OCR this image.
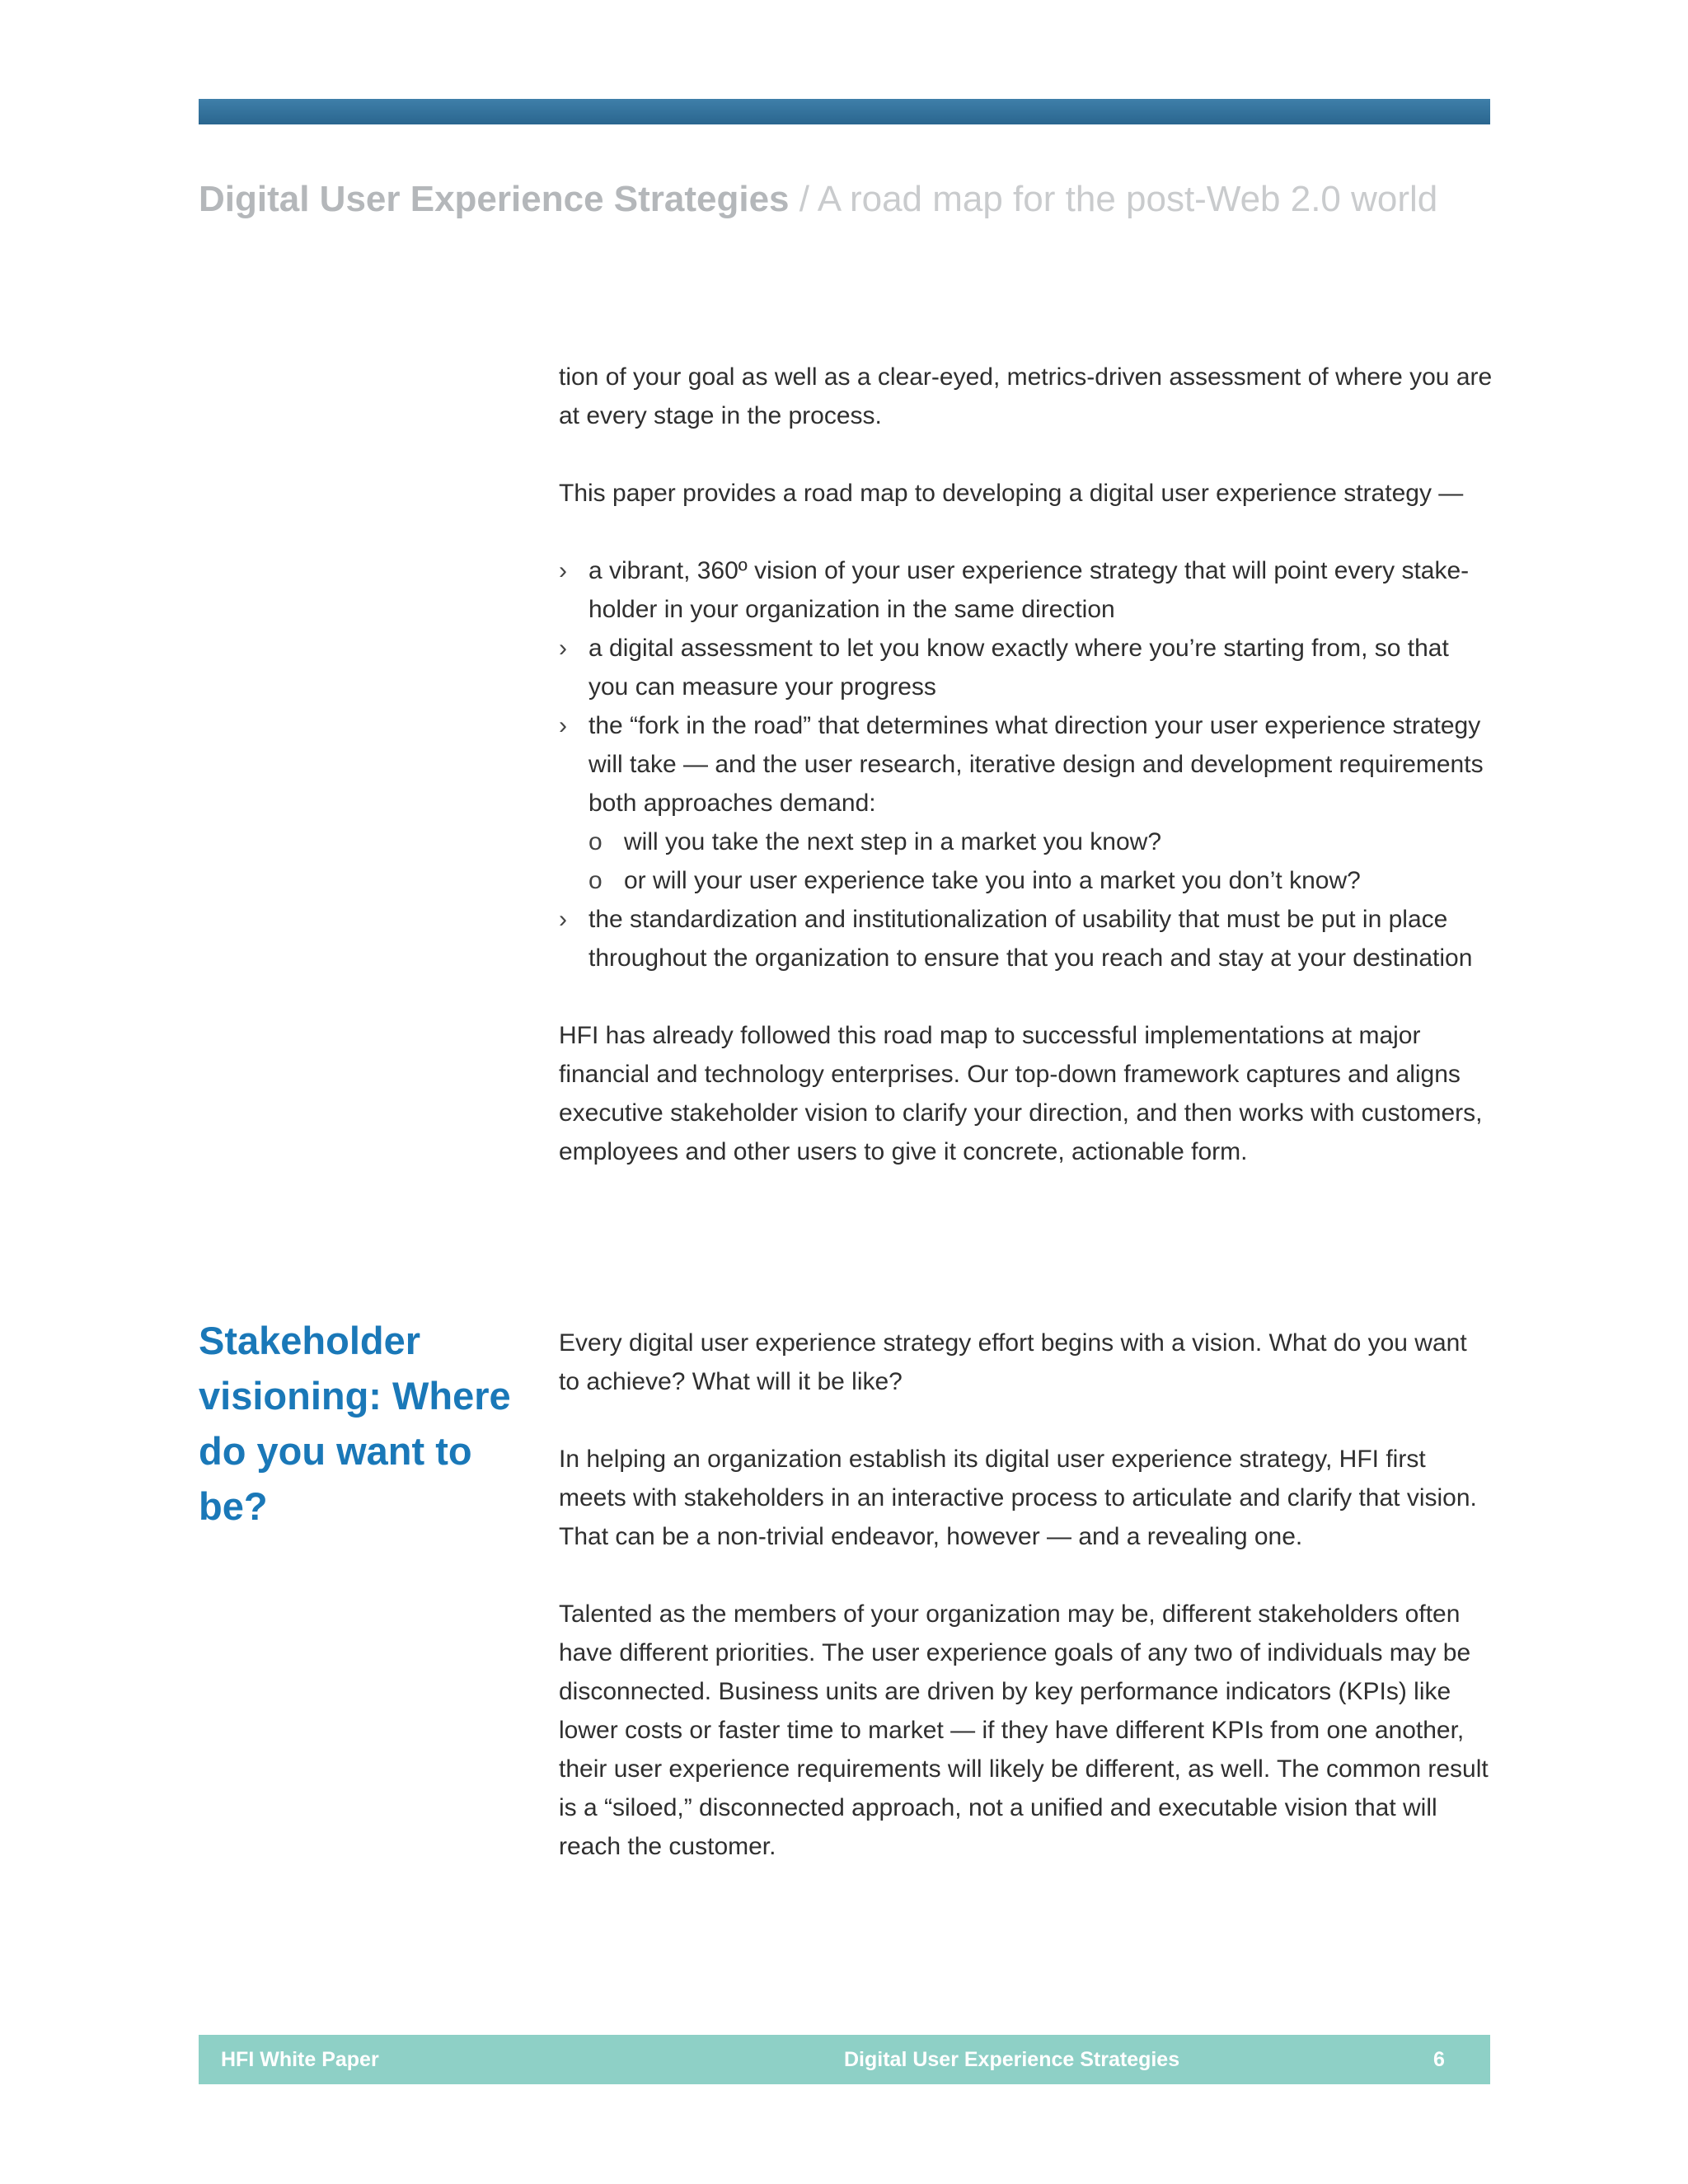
Digital User Experience Strategies / A road map for the post-Web 2.0 world

tion of your goal as well as a clear-eyed, metrics-driven assessment of where you are at every stage in the process.

This paper provides a road map to developing a digital user experience strategy —

› a vibrant, 360º vision of your user experience strategy that will point every stakeholder in your organization in the same direction
› a digital assessment to let you know exactly where you’re starting from, so that you can measure your progress
› the “fork in the road” that determines what direction your user experience strategy will take — and the user research, iterative design and development requirements both approaches demand:
o will you take the next step in a market you know?
o or will your user experience take you into a market you don’t know?
› the standardization and institutionalization of usability that must be put in place throughout the organization to ensure that you reach and stay at your destination

HFI has already followed this road map to successful implementations at major financial and technology enterprises. Our top-down framework captures and aligns executive stakeholder vision to clarify your direction, and then works with customers, employees and other users to give it concrete, actionable form.

Stakeholder visioning: Where do you want to be?

Every digital user experience strategy effort begins with a vision. What do you want to achieve? What will it be like?

In helping an organization establish its digital user experience strategy, HFI first meets with stakeholders in an interactive process to articulate and clarify that vision. That can be a non-trivial endeavor, however — and a revealing one.

Talented as the members of your organization may be, different stakeholders often have different priorities. The user experience goals of any two of individuals may be disconnected. Business units are driven by key performance indicators (KPIs) like lower costs or faster time to market — if they have different KPIs from one another, their user experience requirements will likely be different, as well. The common result is a “siloed,” disconnected approach, not a unified and executable vision that will reach the customer.

HFI White Paper	Digital User Experience Strategies	6
